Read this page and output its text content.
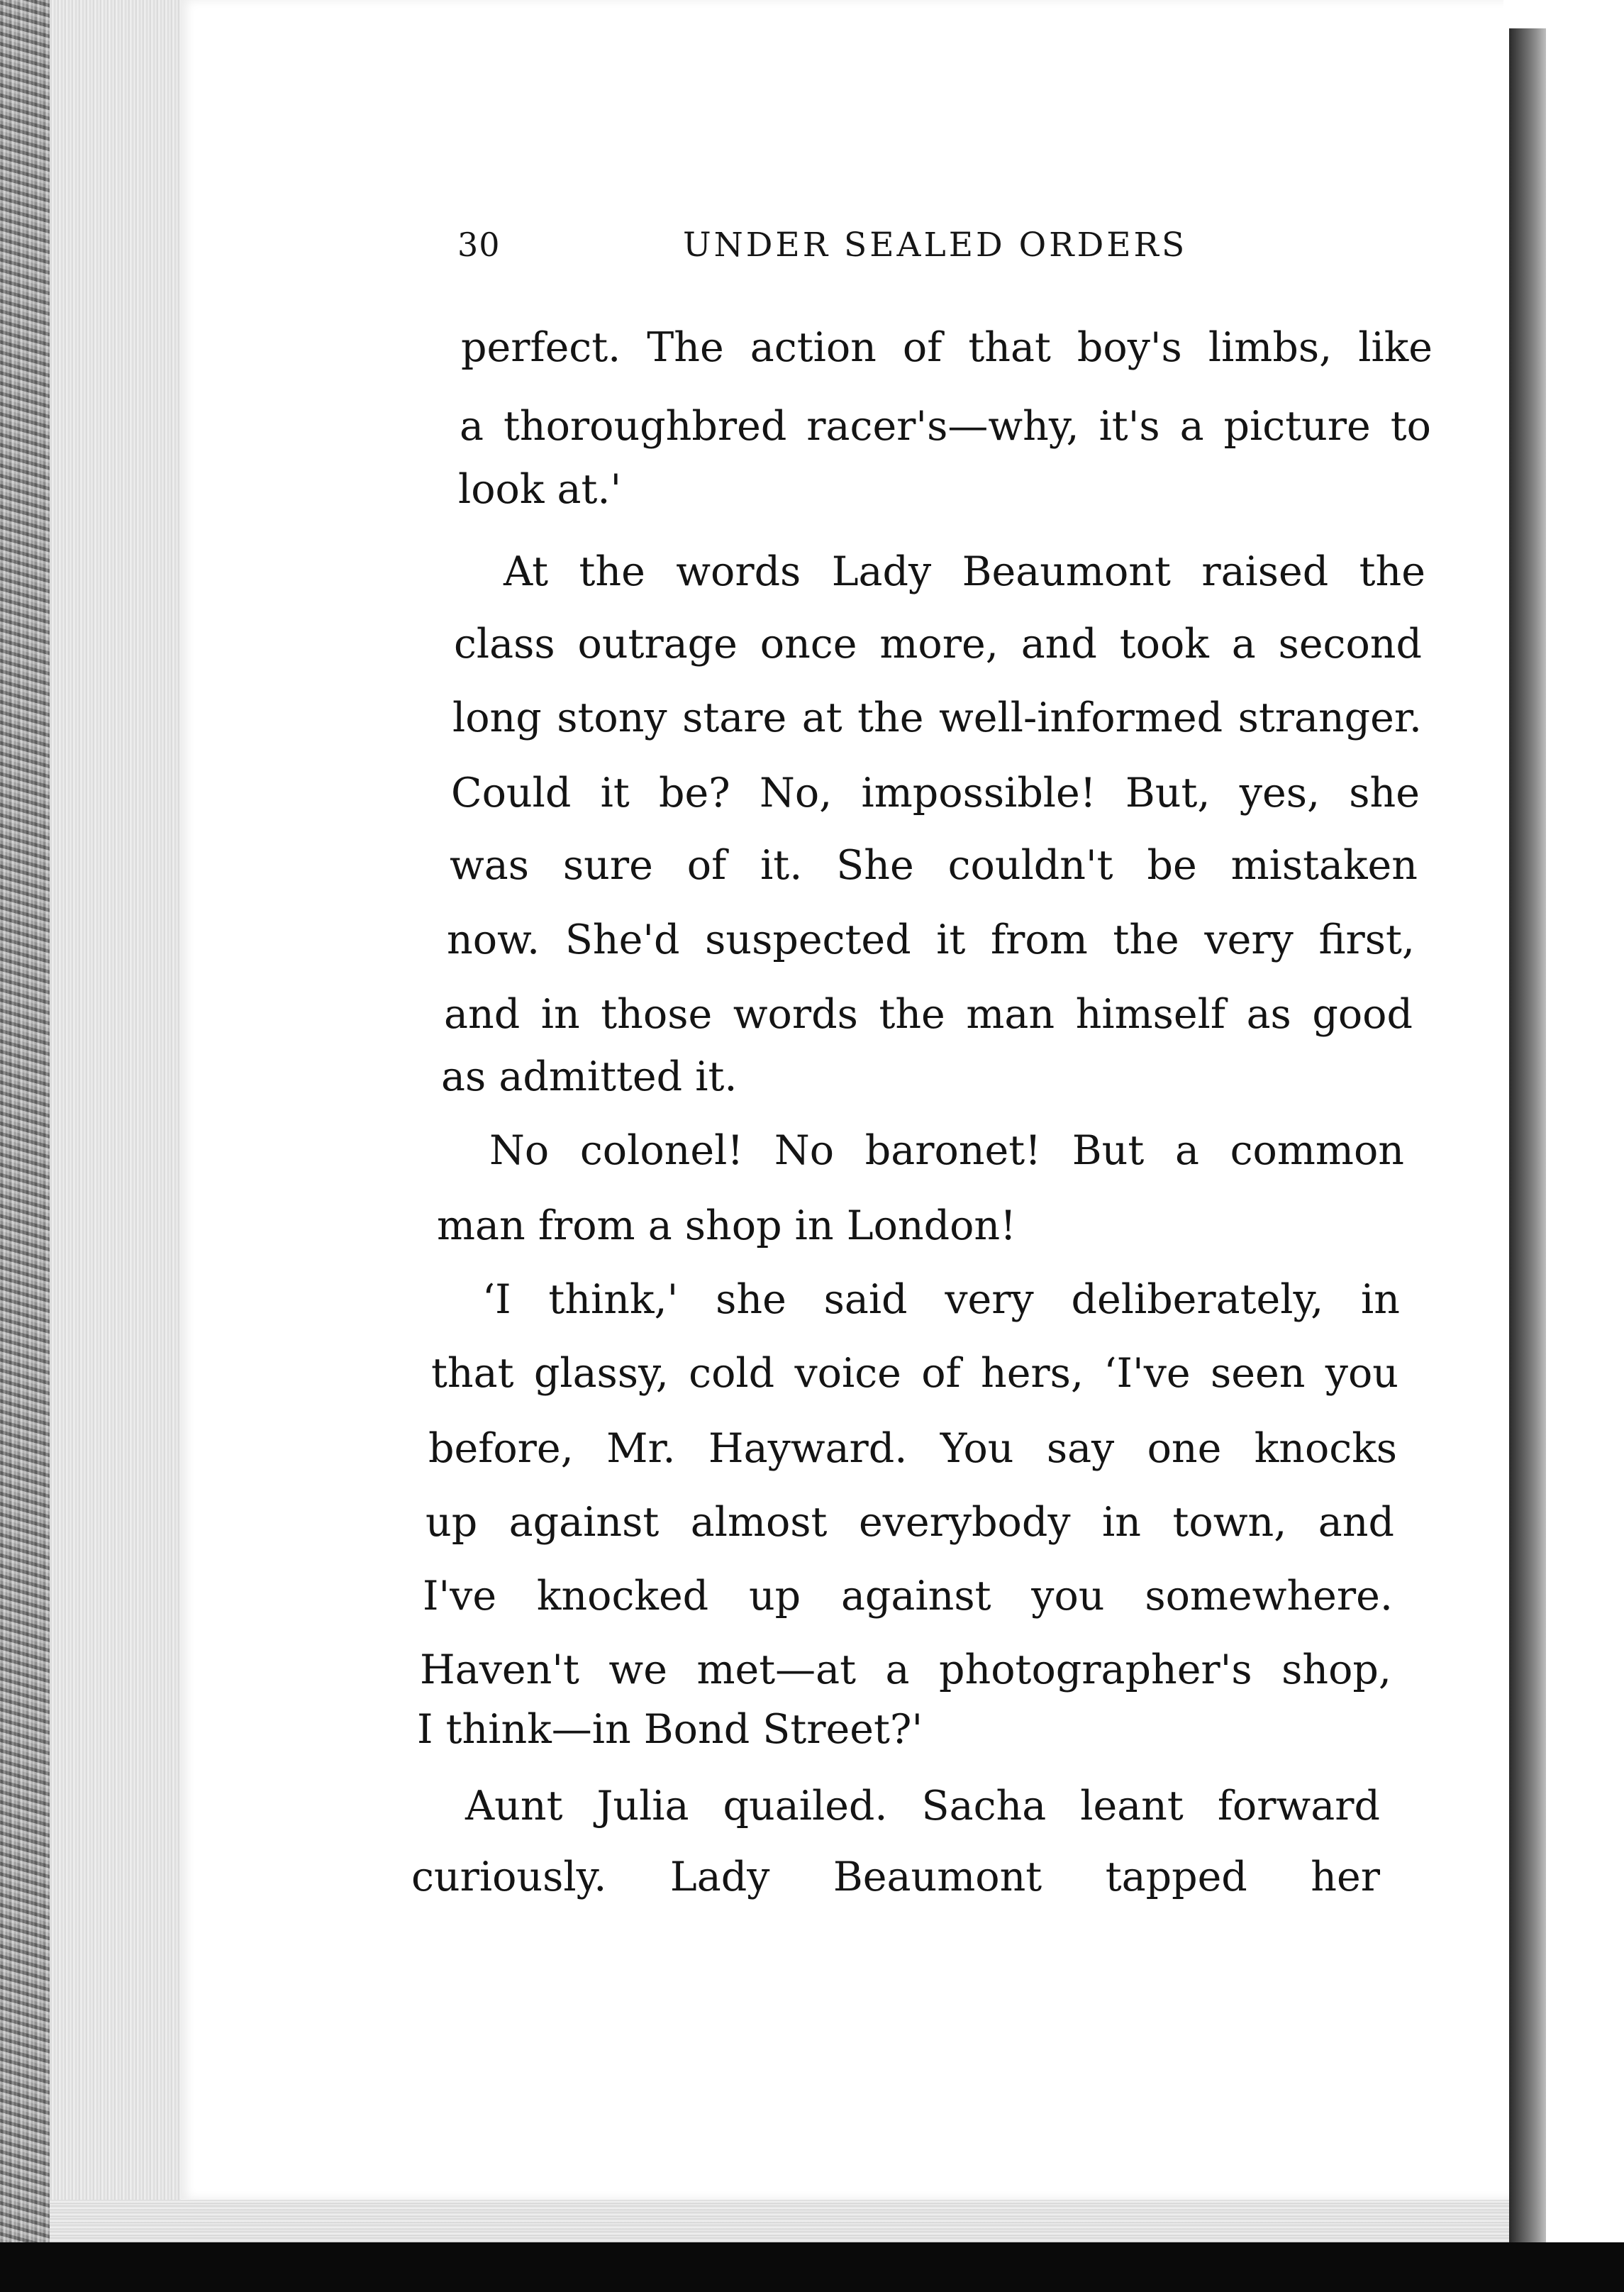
30	UNDER SEALED ORDERS
perfect. The action of that boy's limbs, like
a thoroughbred racer's—why, it's a picture to
look at.'
At the words Lady Beaumont raised the
class outrage once more, and took a second
long stony stare at the well-informed stranger.
Could it be? No, impossible! But, yes, she
was sure of it. She couldn't be mistaken
now. She'd suspected it from the very first,
and in those words the man himself as good
as admitted it.
No colonel! No baronet! But a common
man from a shop in London!
‘I think,' she said very deliberately, in
that glassy, cold voice of hers, ‘I've seen you
before, Mr. Hayward. You say one knocks
up against almost everybody in town, and
I've knocked up against you somewhere.
Haven't we met—at a photographer's shop,
I think—in Bond Street?'
Aunt Julia quailed. Sacha leant forward
curiously. Lady Beaumont tapped her
